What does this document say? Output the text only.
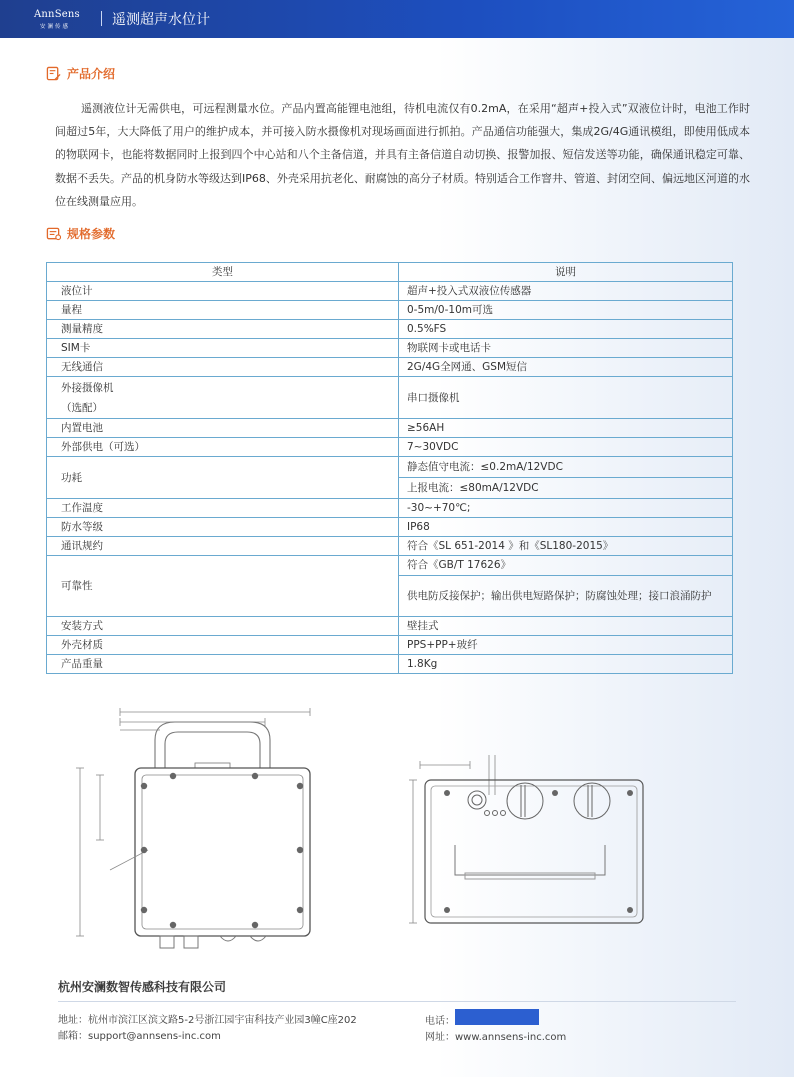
AnnSens
安澜传感	遥测超声水位计
产品介绍
遥测液位计无需供电，可远程测量水位。产品内置高能锂电池组，待机电流仅有0.2mA，在采用“超声+投入式”双液位计时，电池工作时间超过5年，大大降低了用户的维护成本，并可接入防水摄像机对现场画面进行抓拍。产品通信功能强大，集成2G/4G通讯模组，即使用低成本的物联网卡，也能将数据同时上报到四个中心站和八个主备信道，并具有主备信道自动切换、报警加报、短信发送等功能，确保通讯稳定可靠、数据不丢失。产品的机身防水等级达到IP68、外壳采用抗老化、耐腐蚀的高分子材质。特别适合工作窨井、管道、封闭空间、偏远地区河道的水位在线测量应用。
规格参数
类型	说明
液位计	超声+投入式双液位传感器
量程	0-5m/0-10m可选
测量精度	0.5%FS
SIM卡	物联网卡或电话卡
无线通信	2G/4G全网通、GSM短信

外接摄像机
（选配）	串口摄像机
内置电池	≥56AH
外部供电（可选）	7~30VDC
功耗	静态值守电流：≤0.2mA/12VDC
	上报电流：≤80mA/12VDC
工作温度	-30~+70℃;
防水等级	IP68
通讯规约	符合《SL 651-2014 》和《SL180-2015》
可靠性	符合《GB/T 17626》
	供电防反接保护；输出供电短路保护；防腐蚀处理；接口浪涌防护
安装方式	壁挂式
外壳材质	PPS+PP+玻纤
产品重量	1.8Kg
杭州安澜数智传感科技有限公司
地址：杭州市滨江区滨文路5-2号浙江园宇宙科技产业园3幢C座202
邮箱：support@annsens-inc.com
电话：
网址：www.annsens-inc.com
